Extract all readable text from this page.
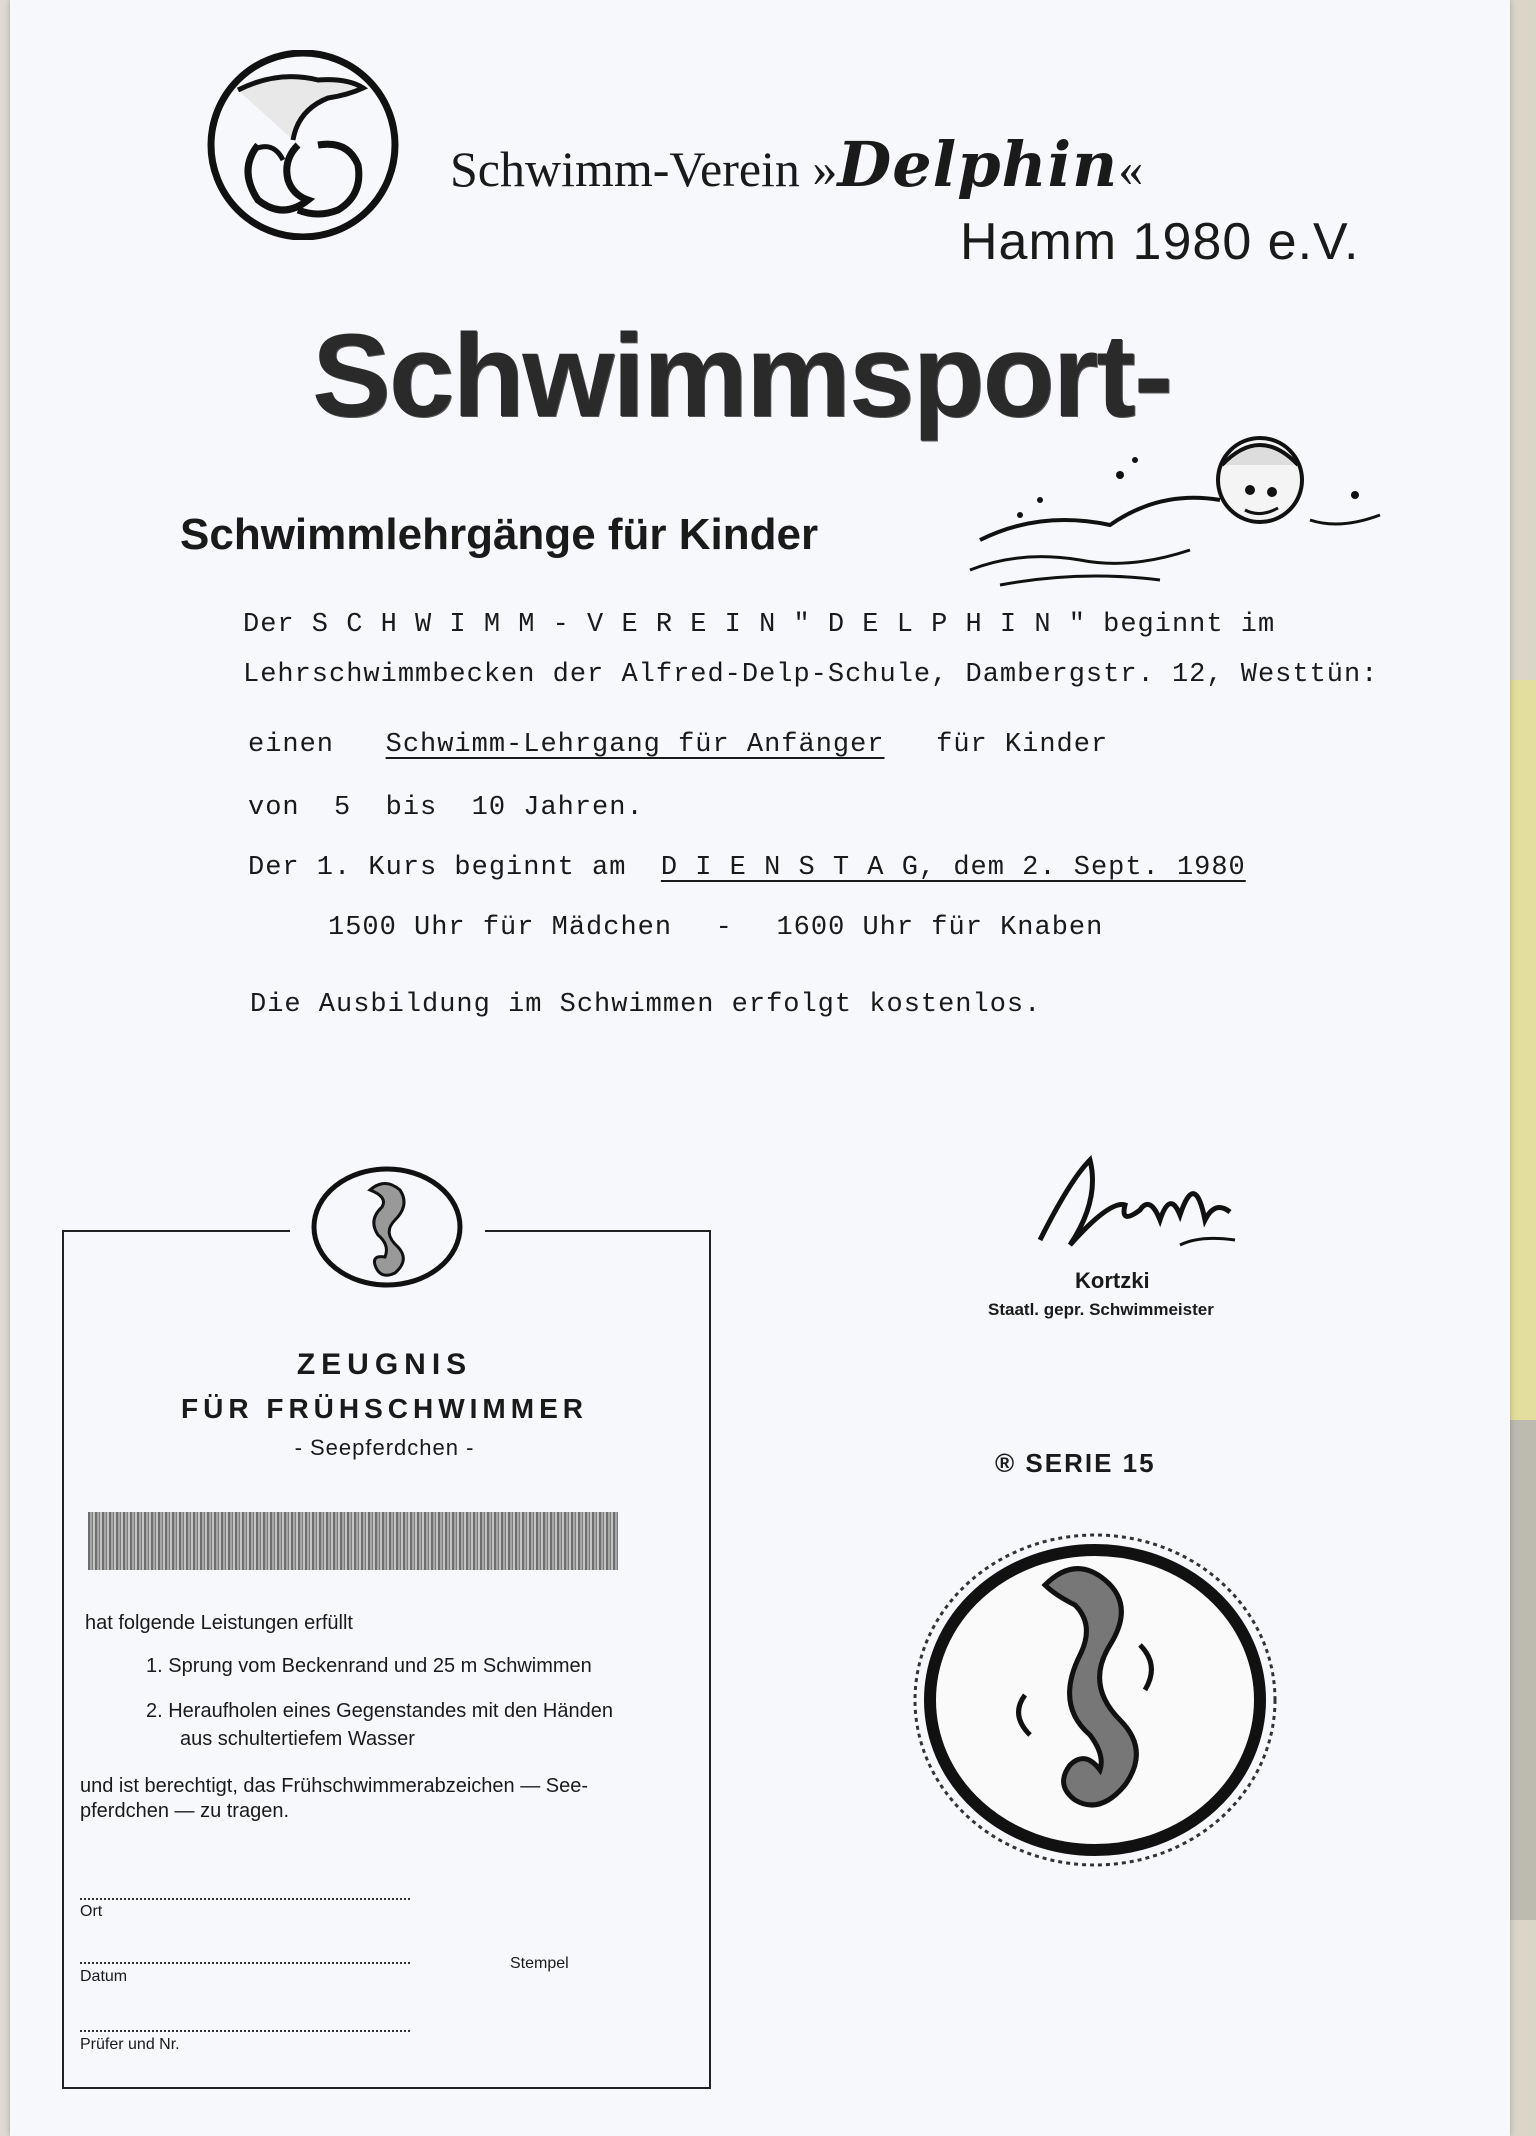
Schwimm-Verein »Delphin«
Hamm 1980 e.V.
Schwimmsport-
Schwimmlehrgänge für Kinder
Der S C H W I M M - V E R E I N " D E L P H I N " beginnt im
Lehrschwimmbecken der Alfred-Delp-Schule, Dambergstr. 12, Westtün:
einen Schwimm-Lehrgang für Anfänger für Kinder
von  5  bis  10 Jahren.
Der 1. Kurs beginnt am D I E N S T A G, dem 2. Sept. 1980
1500 Uhr für Mädchen - 1600 Uhr für Knaben
Die Ausbildung im Schwimmen erfolgt kostenlos.
Kortzki
Staatl. gepr. Schwimmeister
® SERIE 15
ZEUGNIS
FÜR FRÜHSCHWIMMER
- Seepferdchen -
hat folgende Leistungen erfüllt
1. Sprung vom Beckenrand und 25 m Schwimmen
2. Heraufholen eines Gegenstandes mit den Händen
aus schultertiefem Wasser
und ist berechtigt, das Frühschwimmerabzeichen — See-
pferdchen — zu tragen.
Ort
Datum
Stempel
Prüfer und Nr.
